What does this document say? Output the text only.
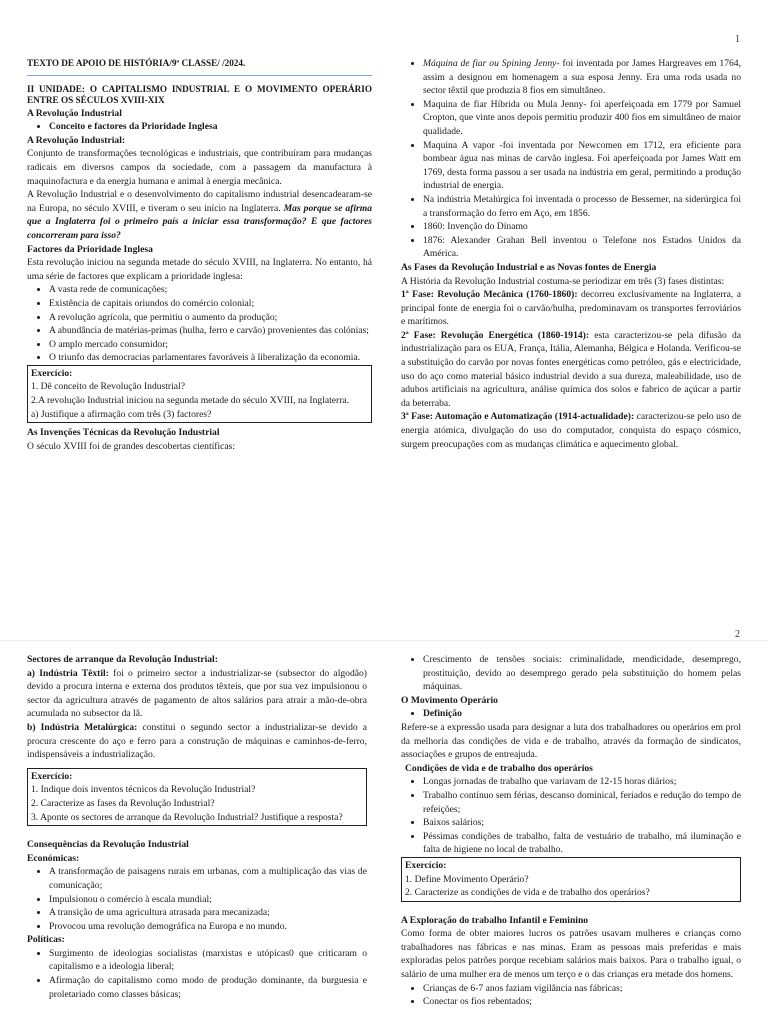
1
TEXTO DE APOIO DE HISTÓRIA/9ª CLASSE/ /2024.

II UNIDADE: O CAPITALISMO INDUSTRIAL E O MOVIMENTO OPERÁRIO ENTRE OS SÉCULOS XVIII-XIX

A Revolução Industrial

• Conceito e factores da Prioridade Inglesa

A Revolução Industrial:

Conjunto de transformações tecnológicas e industriais, que contribuíram para mudanças radicais em diversos campos da sociedade, com a passagem da manufactura à maquinofactura e da energia humana e animal à energia mecânica.

A Revolução Industrial e o desenvolvimento do capitalismo industrial desencadearam-se na Europa, no século XVIII, e tiveram o seu início na Inglaterra. Mas porque se afirma que a Inglaterra foi o primeiro país a iniciar essa transformação? E que factores concorreram para isso?

Factores da Prioridade Inglesa

Esta revolução iniciou na segunda metade do século XVIII, na Inglaterra. No entanto, há uma série de factores que explicam a prioridade inglesa:

• A vasta rede de comunicações;
• Existência de capitais oriundos do comércio colonial;
• A revolução agrícola, que permitiu o aumento da produção;
• A abundância de matérias-primas (hulha, ferro e carvão) provenientes das colónias;
• O amplo mercado consumidor;
• O triunfo das democracias parlamentares favoráveis à liberalização da economia.

Exercício:

1. Dê conceito de Revolução Industrial?

2.A revolução Industrial iniciou na segunda metade do século XVIII, na Inglaterra.

a) Justifique a afirmação com três (3) factores?

As Invenções Técnicas da Revolução Industrial

O século XVIII foi de grandes descobertas científicas:

• Máquina de fiar ou Spining Jenny- foi inventada por James Hargreaves em 1764, assim a designou em homenagem a sua esposa Jenny. Era uma roda usada no sector têxtil que produzia 8 fios em simultâneo.
• Maquina de fiar Híbrida ou Mula Jenny- foi aperfeiçoada em 1779 por Samuel Cropton, que vinte anos depois permitiu produzir 400 fios em simultâneo de maior qualidade.
• Maquina A vapor -foi inventada por Newcomen em 1712, era eficiente para bombear água nas minas de carvão inglesa. Foi aperfeiçoada por James Watt em 1769, desta forma passou a ser usada na indústria em geral, permitindo a produção industrial de energia.
• Na indústria Metalúrgica foi inventada o processo de Bessemer, na siderúrgica foi a transformação do ferro em Aço, em 1856.
• 1860: Invenção do Dínamo
• 1876: Alexander Grahan Bell inventou o Telefone nos Estados Unidos da América.

As Fases da Revolução Industrial e as Novas fontes de Energia

A História da Revolução Industrial costuma-se periodizar em três (3) fases distintas:

1ª Fase: Revolução Mecânica (1760-1860): decorreu exclusivamente na Inglaterra, a principal fonte de energia foi o carvão/hulha, predominavam os transportes ferroviários e marítimos.

2ª Fase: Revolução Energética (1860-1914): esta caracterizou-se pela difusão da industrialização para os EUA, França, Itália, Alemanha, Bélgica e Holanda. Verificou-se a substituição do carvão por novas fontes energéticas como petróleo, gás e electricidade, uso do aço como material básico industrial devido a sua dureza, maleabilidade, uso de adubos artificiais na agricultura, análise química dos solos e fabrico de açúcar a partir da beterraba.

3ª Fase: Automação e Automatização (1914-actualidade): caracterizou-se pelo uso de energia atómica, divulgação do uso do computador, conquista do espaço cósmico, surgem preocupações com as mudanças climática e aquecimento global.

2

Sectores de arranque da Revolução Industrial:

a) Indústria Têxtil: foi o primeiro sector a industrializar-se (subsector do algodão) devido a procura interna e externa dos produtos têxteis, que por sua vez impulsionou o sector da agricultura através de pagamento de altos salários para atrair a mão-de-obra acumulada no subsector da lã.

b) Indústria Metalúrgica: constitui o segundo sector a industrializar-se devido a procura crescente do aço e ferro para a construção de máquinas e caminhos-de-ferro, indispensáveis a industrialização.

Exercício:

1. Indique dois inventos técnicos da Revolução Industrial?

2. Caracterize as fases da Revolução Industrial?

3. Aponte os sectores de arranque da Revolução Industrial? Justifique a resposta?

Consequências da Revolução Industrial

Económicas:

• A transformação de paisagens rurais em urbanas, com a multiplicação das vias de comunicação;
• Impulsionou o comércio à escala mundial;
• A transição de uma agricultura atrasada para mecanizada;
• Provocou uma revolução demográfica na Europa e no mundo.

Políticas:

• Surgimento de ideologias socialistas (marxistas e utópicas0 que criticaram o capitalismo e a ideologia liberal;
• Afirmação do capitalismo como modo de produção dominante, da burguesia e proletariado como classes básicas;
• Crescimento de tensões sociais: criminalidade, mendicidade, desemprego, prostituição, devido ao desemprego gerado pela substituição do homem pelas máquinas.

O Movimento Operário

• Definição

Refere-se a expressão usada para designar a luta dos trabalhadores ou operários em prol da melhoria das condições de vida e de trabalho, através da formação de sindicatos, associações e grupos de entreajuda.

Condições de vida e de trabalho dos operários

• Longas jornadas de trabalho que variavam de 12-15 horas diários;
• Trabalho contínuo sem férias, descanso dominical, feriados e redução do tempo de refeições;
• Baixos salários;
• Péssimas condições de trabalho, falta de vestuário de trabalho, má iluminação e falta de higiene no local de trabalho.

Exercício:

1. Define Movimento Operário?

2. Caracterize as condições de vida e de trabalho dos operários?

A Exploração do trabalho Infantil e Feminino

Como forma de obter maiores lucros os patrões usavam mulheres e crianças como trabalhadores nas fábricas e nas minas. Eram as pessoas mais preferidas e mais exploradas pelos patrões porque recebiam salários mais baixos. Para o trabalho igual, o salário de uma mulher era de menos um terço e o das crianças era metade dos homens.

• Crianças de 6-7 anos faziam vigilância nas fábricas;
• Conectar os fios rebentados;
